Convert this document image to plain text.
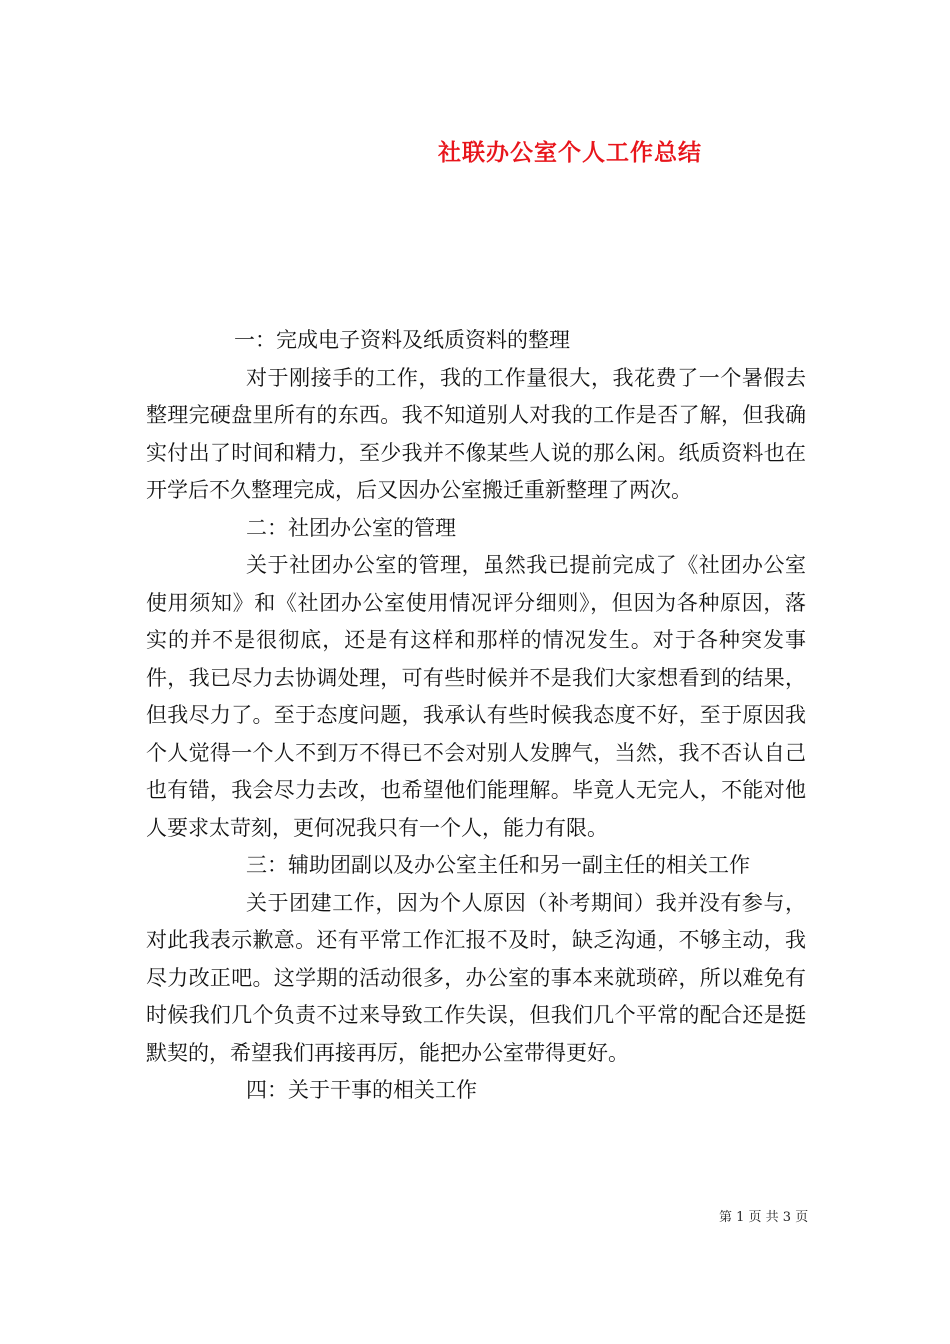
社联办公室个人工作总结

一：完成电子资料及纸质资料的整理

对于刚接手的工作，我的工作量很大，我花费了一个暑假去整理完硬盘里所有的东西。我不知道别人对我的工作是否了解，但我确实付出了时间和精力，至少我并不像某些人说的那么闲。纸质资料也在开学后不久整理完成，后又因办公室搬迁重新整理了两次。

二：社团办公室的管理

关于社团办公室的管理，虽然我已提前完成了《社团办公室使用须知》和《社团办公室使用情况评分细则》，但因为各种原因，落实的并不是很彻底，还是有这样和那样的情况发生。对于各种突发事件，我已尽力去协调处理，可有些时候并不是我们大家想看到的结果，但我尽力了。至于态度问题，我承认有些时候我态度不好，至于原因我个人觉得一个人不到万不得已不会对别人发脾气，当然，我不否认自己也有错，我会尽力去改，也希望他们能理解。毕竟人无完人，不能对他人要求太苛刻，更何况我只有一个人，能力有限。

三：辅助团副以及办公室主任和另一副主任的相关工作

关于团建工作，因为个人原因（补考期间）我并没有参与，对此我表示歉意。还有平常工作汇报不及时，缺乏沟通，不够主动，我尽力改正吧。这学期的活动很多，办公室的事本来就琐碎，所以难免有时候我们几个负责不过来导致工作失误，但我们几个平常的配合还是挺默契的，希望我们再接再厉，能把办公室带得更好。

四：关于干事的相关工作

第 1 页 共 3 页
